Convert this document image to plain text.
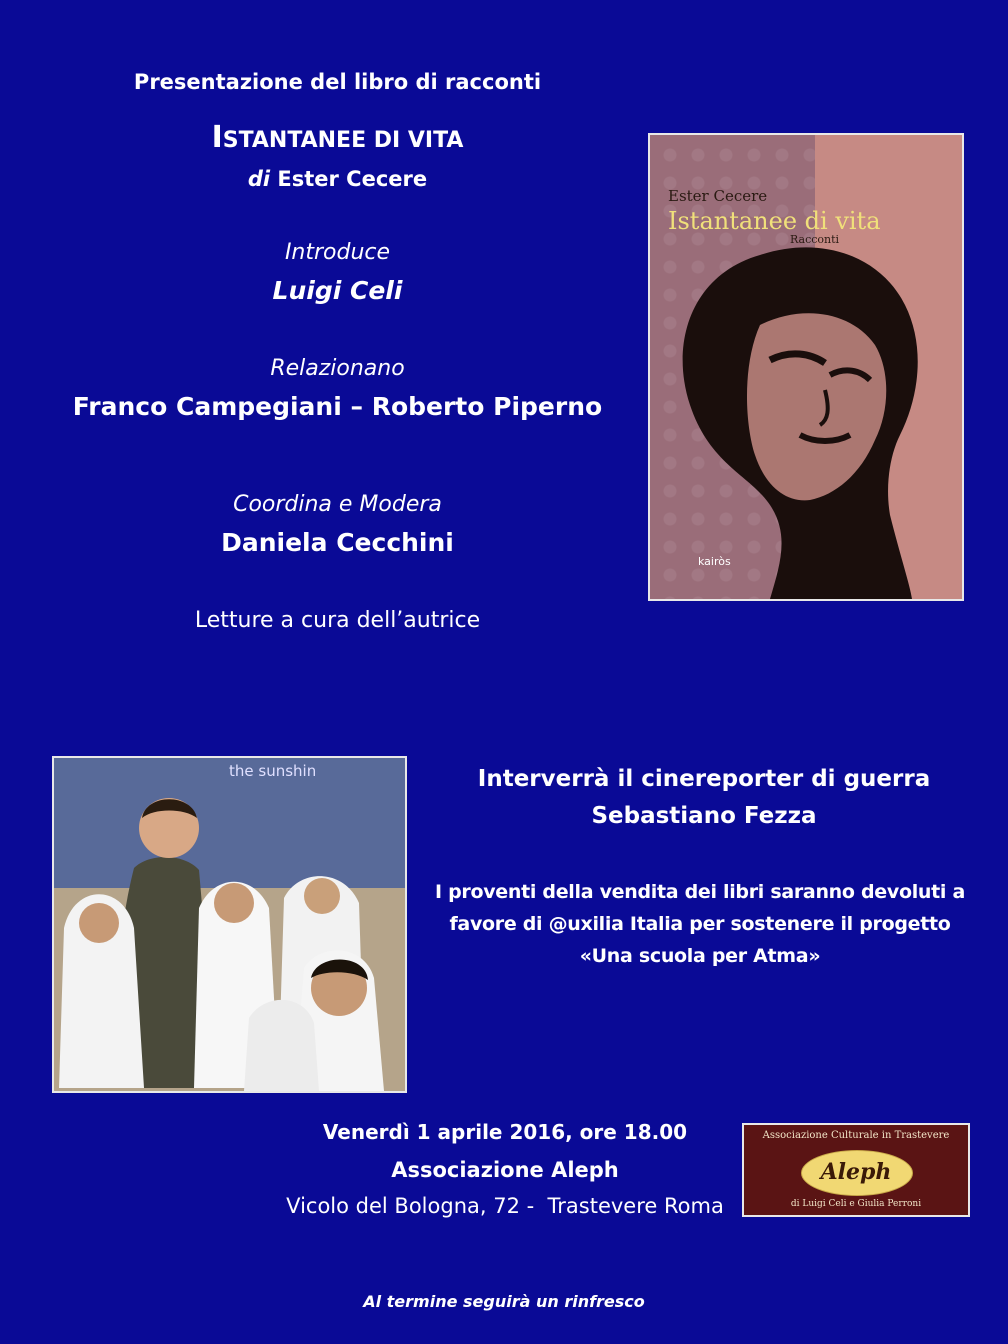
Presentazione del libro di racconti
ISTANTANEE DI VITA
di Ester Cecere
Introduce
Luigi Celi
Relazionano
Franco Campegiani – Roberto Piperno
Coordina e Modera
Daniela Cecchini
Letture a cura dell’autrice
Ester Cecere
Istantanee di vita
Racconti
kairòs
the sunshin	Interverrà il cinereporter di guerra
Sebastiano Fezza
I proventi della vendita dei libri saranno devoluti a
favore di @uxilia Italia per sostenere il progetto
«Una scuola per Atma»
Venerdì 1 aprile 2016, ore 18.00
Associazione Aleph
Vicolo del Bologna, 72 -  Trastevere Roma
Associazione Culturale in Trastevere
Aleph
di Luigi Celi e Giulia Perroni
Al termine seguirà un rinfresco
